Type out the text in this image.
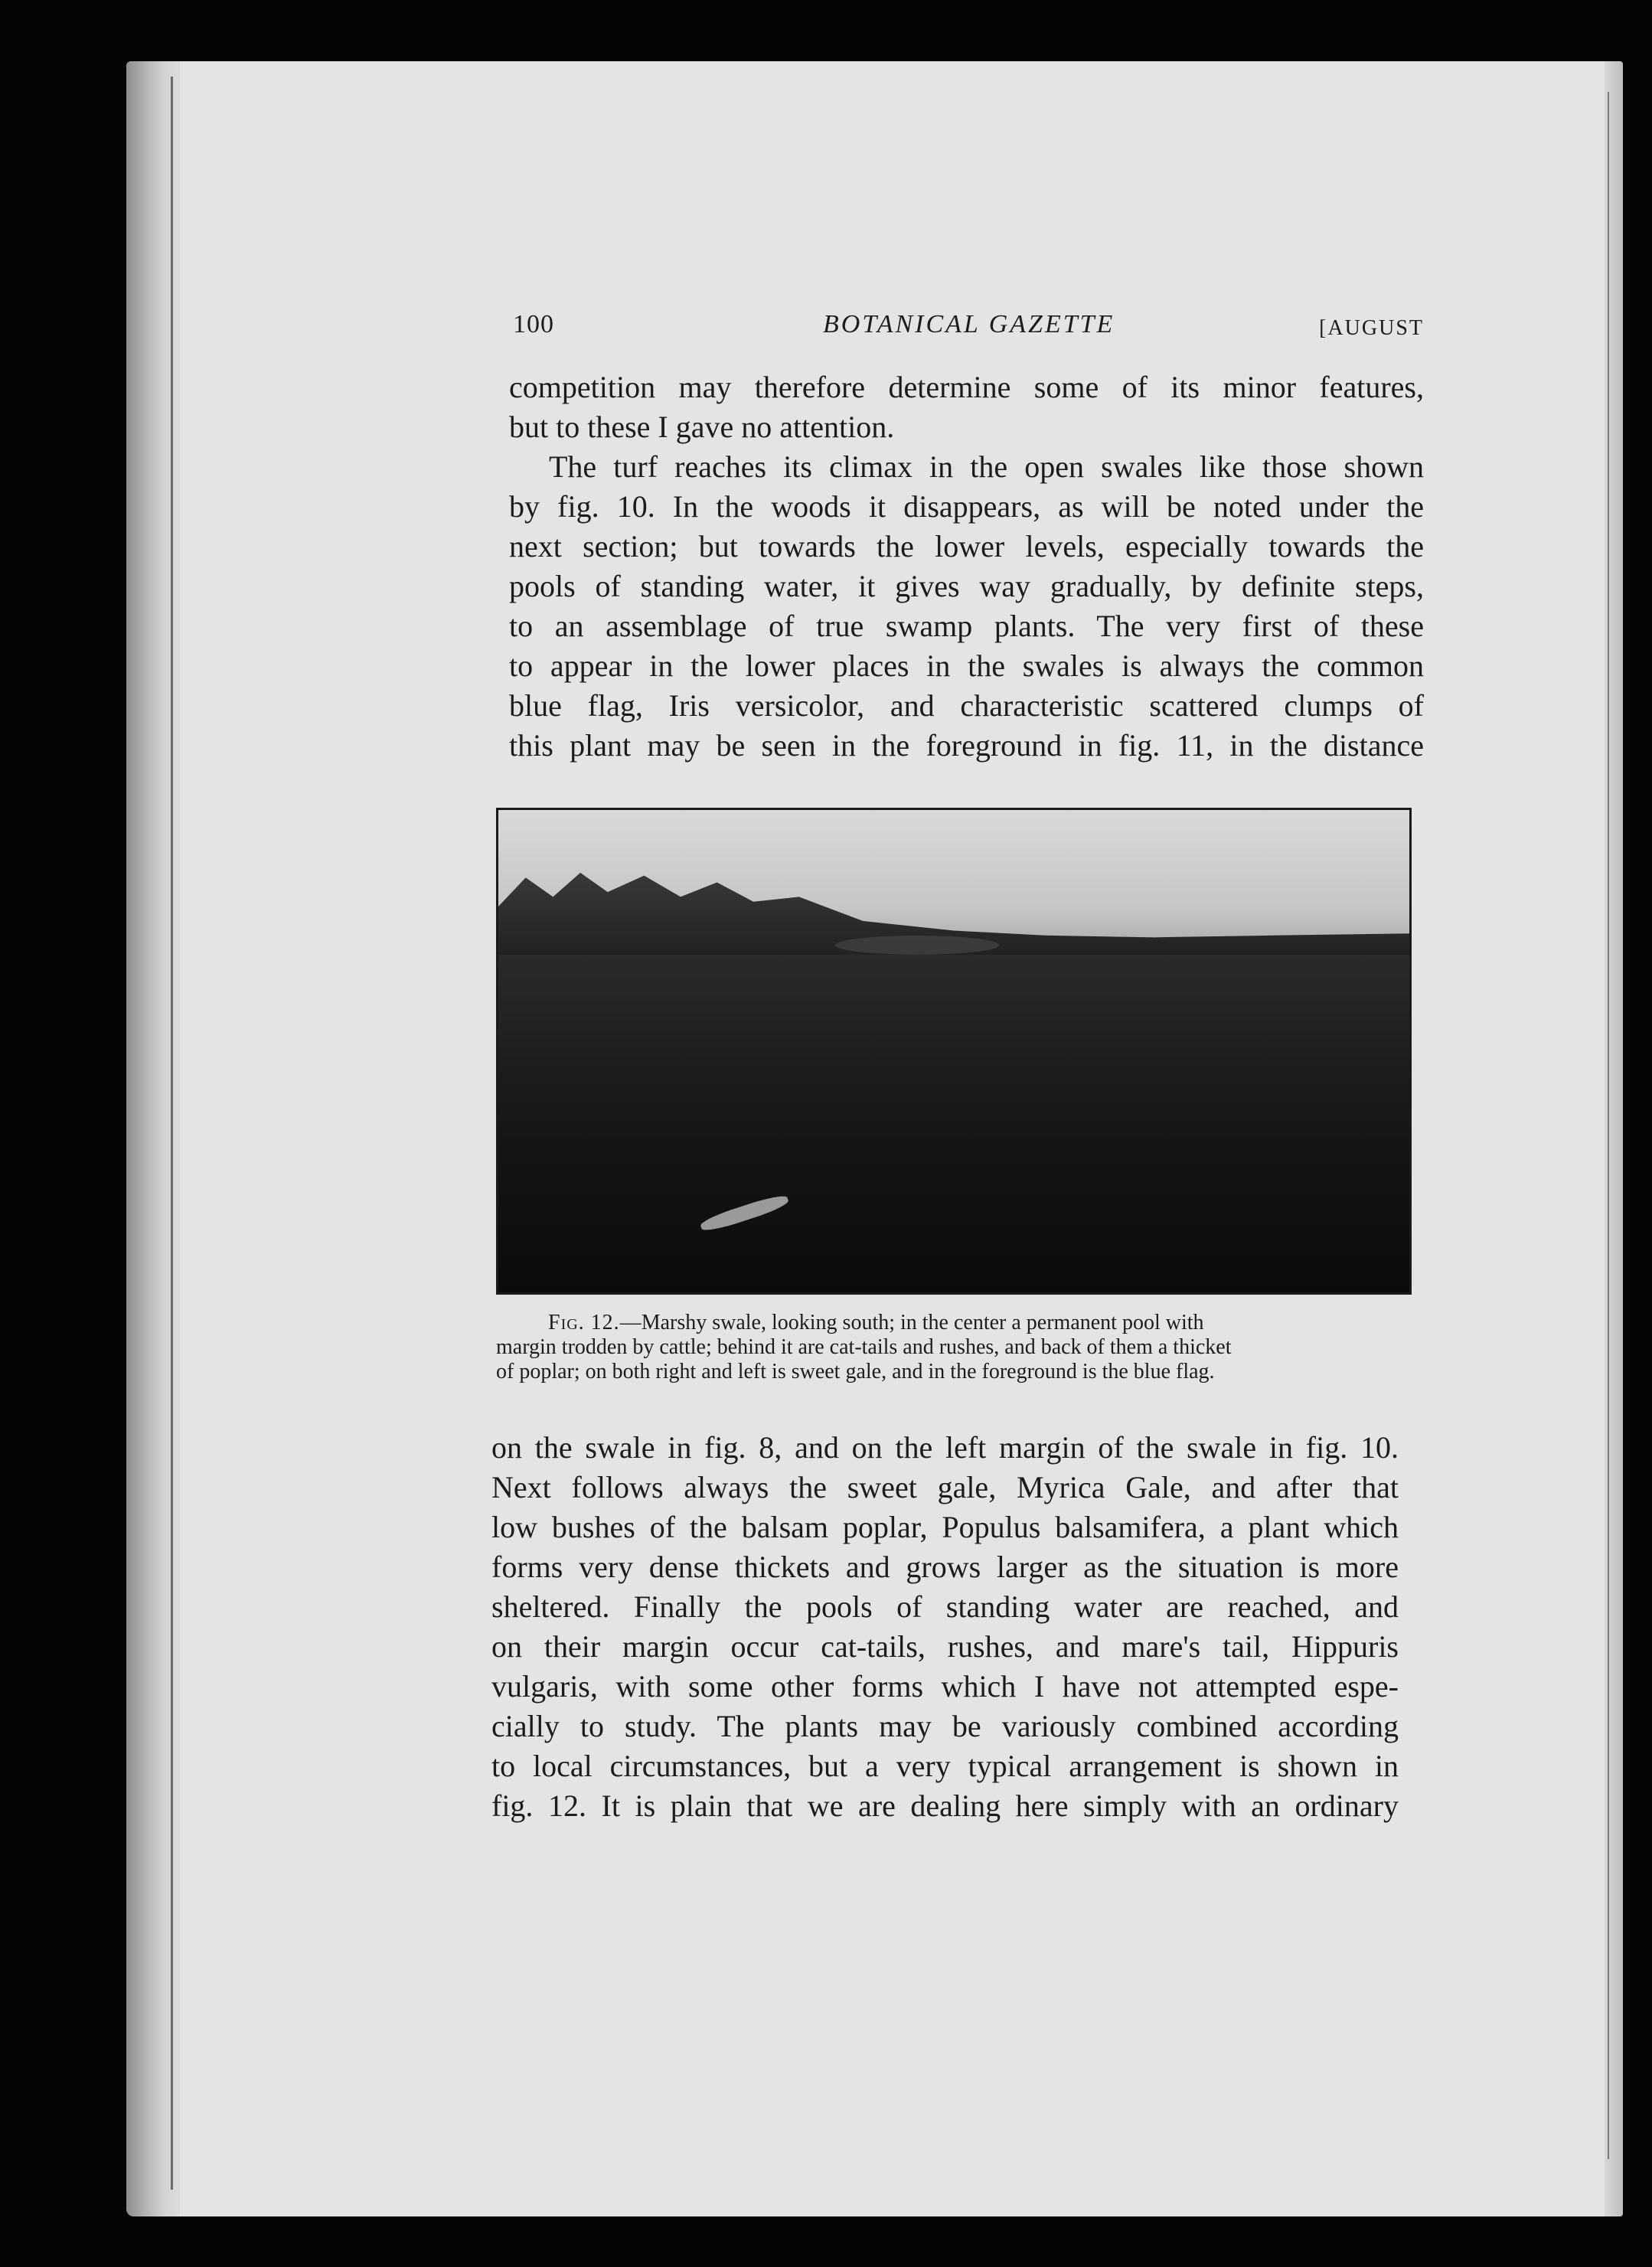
100	BOTANICAL GAZETTE	[AUGUST

competition may therefore determine some of its minor features,

but to these I gave no attention.

The turf reaches its climax in the open swales like those shown

by fig. 10. In the woods it disappears, as will be noted under the

next section; but towards the lower levels, especially towards the

pools of standing water, it gives way gradually, by definite steps,

to an assemblage of true swamp plants. The very first of these

to appear in the lower places in the swales is always the common

blue flag, Iris versicolor, and characteristic scattered clumps of

this plant may be seen in the foreground in fig. 11, in the distance

Fig. 12.—Marshy swale, looking south; in the center a permanent pool with

margin trodden by cattle; behind it are cat-tails and rushes, and back of them a thicket

of poplar; on both right and left is sweet gale, and in the foreground is the blue flag.

on the swale in fig. 8, and on the left margin of the swale in fig. 10.

Next follows always the sweet gale, Myrica Gale, and after that

low bushes of the balsam poplar, Populus balsamifera, a plant which

forms very dense thickets and grows larger as the situation is more

sheltered. Finally the pools of standing water are reached, and

on their margin occur cat-tails, rushes, and mare's tail, Hippuris

vulgaris, with some other forms which I have not attempted espe-

cially to study. The plants may be variously combined according

to local circumstances, but a very typical arrangement is shown in

fig. 12. It is plain that we are dealing here simply with an ordinary
